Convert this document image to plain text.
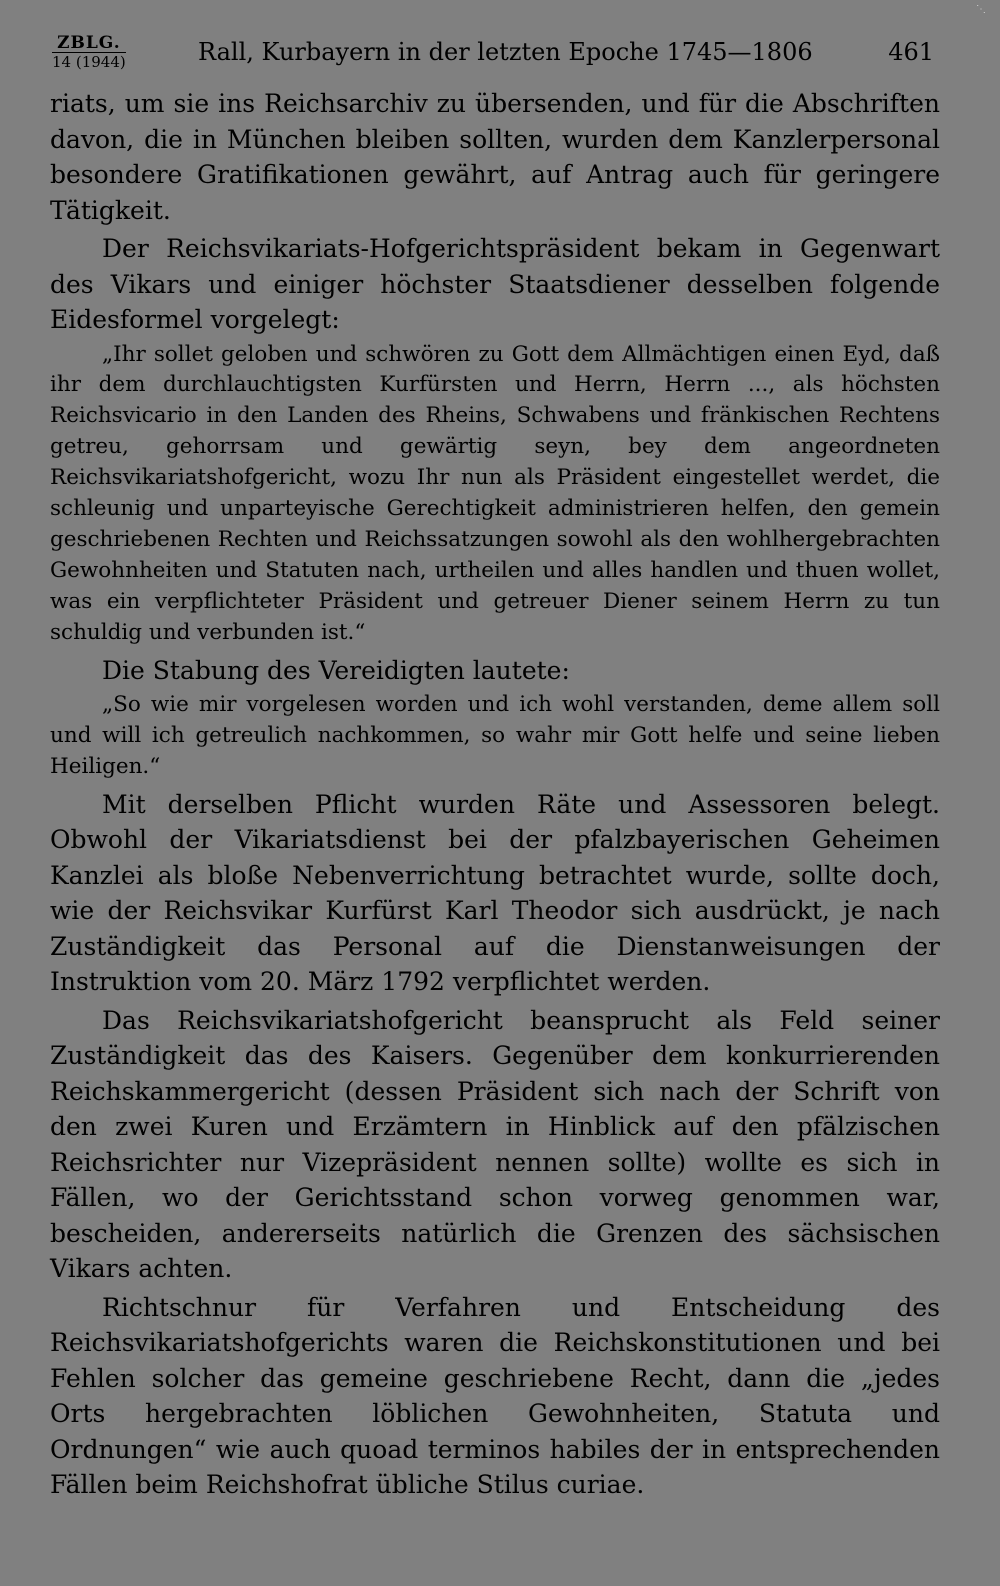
⋱
ZBLG.
14 (1944)	Rall, Kurbayern in der letzten Epoche 1745—1806	461

riats, um sie ins Reichsarchiv zu übersenden, und für die Abschriften davon, die in München bleiben sollten, wurden dem Kanzlerpersonal besondere Gratifikationen gewährt, auf Antrag auch für geringere Tätigkeit.

Der Reichsvikariats-Hofgerichtspräsident bekam in Gegenwart des Vikars und einiger höchster Staatsdiener desselben folgende Eidesformel vorgelegt:

„Ihr sollet geloben und schwören zu Gott dem Allmächtigen einen Eyd, daß ihr dem durchlauchtigsten Kurfürsten und Herrn, Herrn ..., als höchsten Reichsvicario in den Landen des Rheins, Schwabens und fränkischen Rechtens getreu, gehorrsam und gewärtig seyn, bey dem angeordneten Reichsvikariatshofgericht, wozu Ihr nun als Präsident eingestellet werdet, die schleunig und unparteyische Gerechtigkeit administrieren helfen, den gemein geschriebenen Rechten und Reichssatzungen sowohl als den wohlhergebrachten Gewohnheiten und Statuten nach, urtheilen und alles handlen und thuen wollet, was ein verpflichteter Präsident und getreuer Diener seinem Herrn zu tun schuldig und verbunden ist.“

Die Stabung des Vereidigten lautete:

„So wie mir vorgelesen worden und ich wohl verstanden, deme allem soll und will ich getreulich nachkommen, so wahr mir Gott helfe und seine lieben Heiligen.“

Mit derselben Pflicht wurden Räte und Assessoren belegt. Obwohl der Vikariatsdienst bei der pfalzbayerischen Geheimen Kanzlei als bloße Nebenverrichtung betrachtet wurde, sollte doch, wie der Reichsvikar Kurfürst Karl Theodor sich ausdrückt, je nach Zuständigkeit das Personal auf die Dienstanweisungen der Instruktion vom 20. März 1792 verpflichtet werden.

Das Reichsvikariatshofgericht beansprucht als Feld seiner Zuständigkeit das des Kaisers. Gegenüber dem konkurrierenden Reichskammergericht (dessen Präsident sich nach der Schrift von den zwei Kuren und Erzämtern in Hinblick auf den pfälzischen Reichsrichter nur Vizepräsident nennen sollte) wollte es sich in Fällen, wo der Gerichtsstand schon vorweg genommen war, bescheiden, andererseits natürlich die Grenzen des sächsischen Vikars achten.

Richtschnur für Verfahren und Entscheidung des Reichsvikariatshofgerichts waren die Reichskonstitutionen und bei Fehlen solcher das gemeine geschriebene Recht, dann die „jedes Orts hergebrachten löblichen Gewohnheiten, Statuta und Ordnungen“ wie auch quoad terminos habiles der in entsprechenden Fällen beim Reichshofrat übliche Stilus curiae.
